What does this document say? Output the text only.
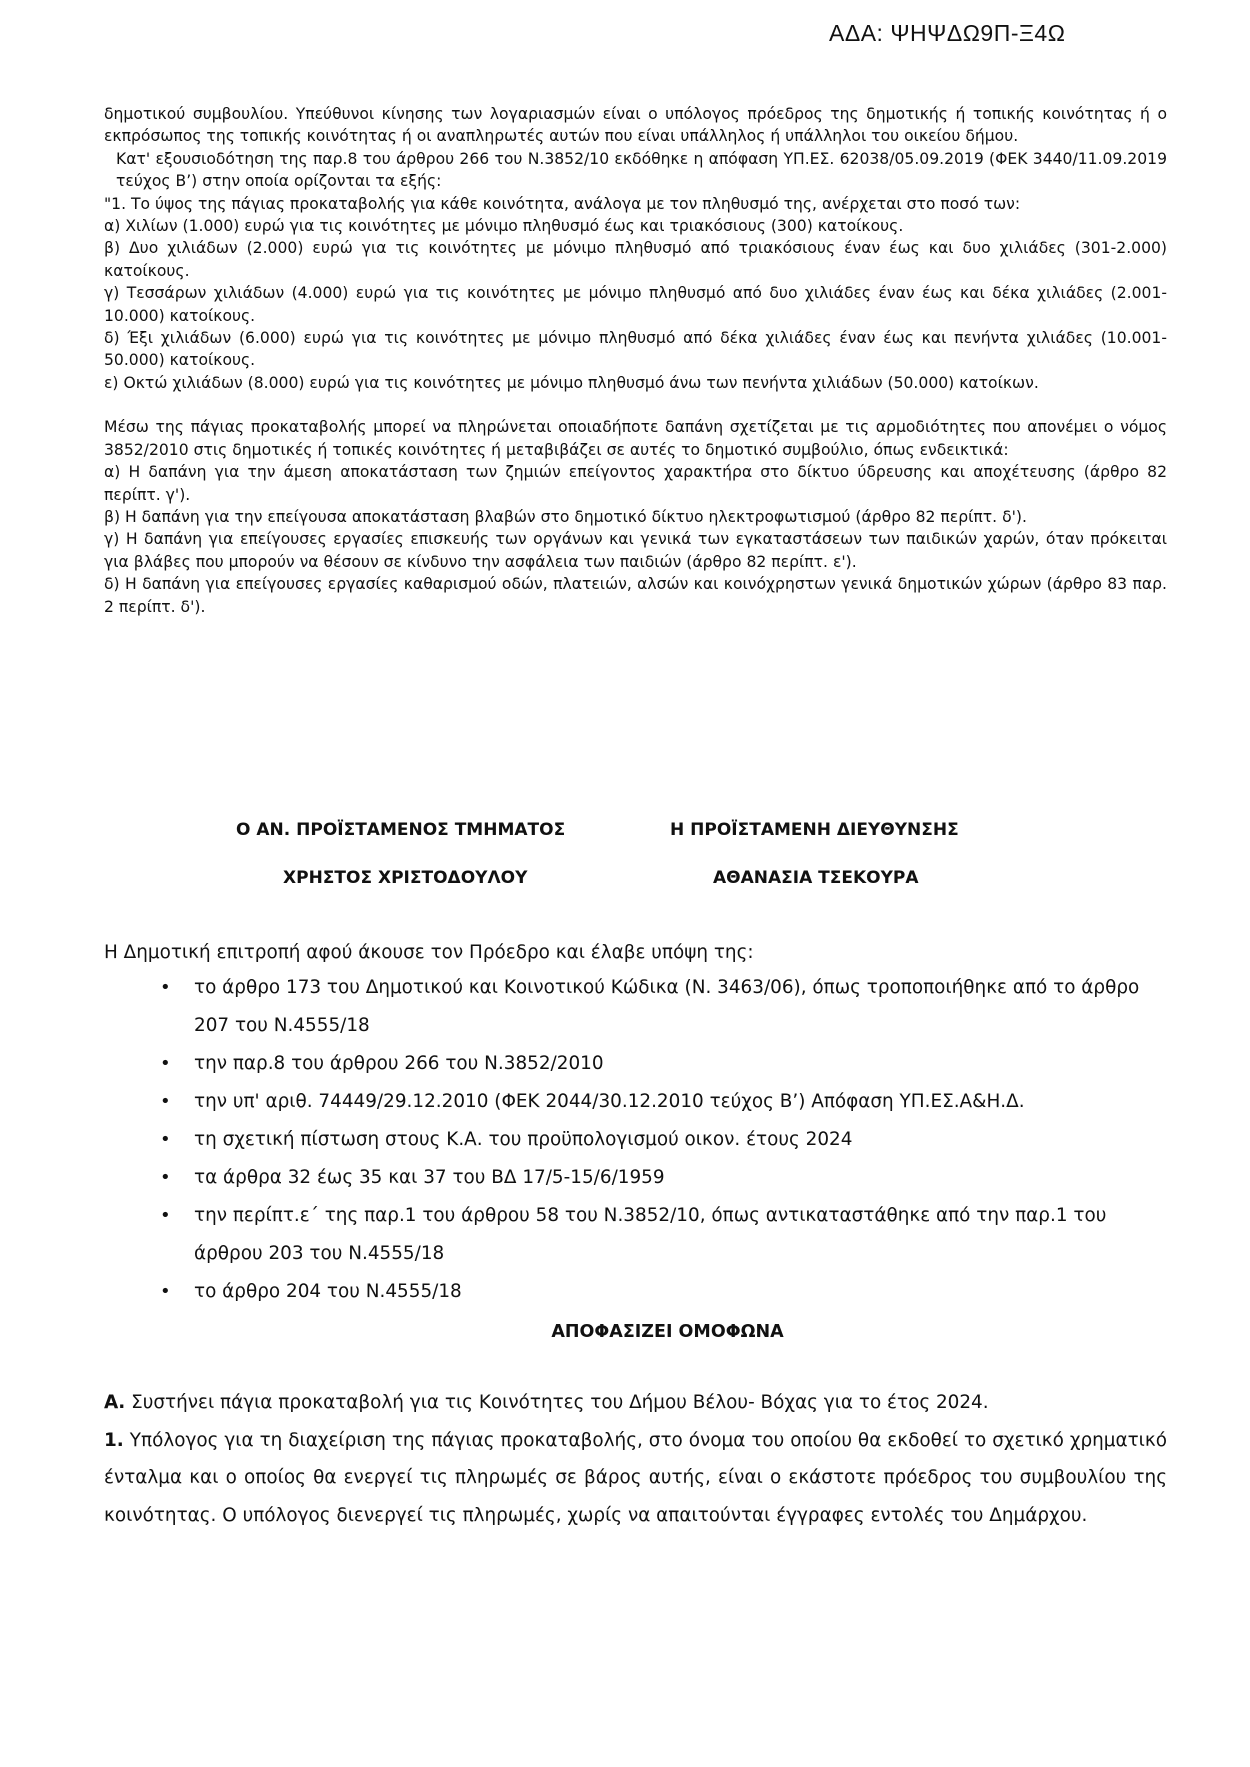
ΑΔΑ: ΨΗΨΔΩ9Π-Ξ4Ω

δημοτικού συμβουλίου. Υπεύθυνοι κίνησης των λογαριασμών είναι ο υπόλογος πρόεδρος της δημοτικής ή τοπικής κοινότητας ή ο εκπρόσωπος της τοπικής κοινότητας ή οι αναπληρωτές αυτών που είναι υπάλληλος ή υπάλληλοι του οικείου δήμου.

Κατ' εξουσιοδότηση της παρ.8 του άρθρου 266 του Ν.3852/10 εκδόθηκε η απόφαση ΥΠ.ΕΣ. 62038/05.09.2019 (ΦΕΚ 3440/11.09.2019 τεύχος Β’) στην οποία ορίζονται τα εξής:

"1. Το ύψος της πάγιας προκαταβολής για κάθε κοινότητα, ανάλογα με τον πληθυσμό της, ανέρχεται στο ποσό των:

α) Χιλίων (1.000) ευρώ για τις κοινότητες με μόνιμο πληθυσμό έως και τριακόσιους (300) κατοίκους.

β) Δυο χιλιάδων (2.000) ευρώ για τις κοινότητες με μόνιμο πληθυσμό από τριακόσιους έναν έως και δυο χιλιάδες (301-2.000) κατοίκους.

γ) Τεσσάρων χιλιάδων (4.000) ευρώ για τις κοινότητες με μόνιμο πληθυσμό από δυο χιλιάδες έναν έως και δέκα χιλιάδες (2.001-10.000) κατοίκους.

δ) Έξι χιλιάδων (6.000) ευρώ για τις κοινότητες με μόνιμο πληθυσμό από δέκα χιλιάδες έναν έως και πενήντα χιλιάδες (10.001-50.000) κατοίκους.

ε) Οκτώ χιλιάδων (8.000) ευρώ για τις κοινότητες με μόνιμο πληθυσμό άνω των πενήντα χιλιάδων (50.000) κατοίκων.

Μέσω της πάγιας προκαταβολής μπορεί να πληρώνεται οποιαδήποτε δαπάνη σχετίζεται με τις αρμοδιότητες που απονέμει ο νόμος 3852/2010 στις δημοτικές ή τοπικές κοινότητες ή μεταβιβάζει σε αυτές το δημοτικό συμβούλιο, όπως ενδεικτικά:

α) Η δαπάνη για την άμεση αποκατάσταση των ζημιών επείγοντος χαρακτήρα στο δίκτυο ύδρευσης και αποχέτευσης (άρθρο 82 περίπτ. γ').

β) Η δαπάνη για την επείγουσα αποκατάσταση βλαβών στο δημοτικό δίκτυο ηλεκτροφωτισμού (άρθρο 82 περίπτ. δ').

γ) Η δαπάνη για επείγουσες εργασίες επισκευής των οργάνων και γενικά των εγκαταστάσεων των παιδικών χαρών, όταν πρόκειται για βλάβες που μπορούν να θέσουν σε κίνδυνο την ασφάλεια των παιδιών (άρθρο 82 περίπτ. ε').

δ) Η δαπάνη για επείγουσες εργασίες καθαρισμού οδών, πλατειών, αλσών και κοινόχρηστων γενικά δημοτικών χώρων (άρθρο 83 παρ. 2 περίπτ. δ').

Ο ΑΝ. ΠΡΟΪΣΤΑΜΕΝΟΣ ΤΜΗΜΑΤΟΣ	Η ΠΡΟΪΣΤΑΜΕΝΗ ΔΙΕΥΘΥΝΣΗΣ
ΧΡΗΣΤΟΣ ΧΡΙΣΤΟΔΟΥΛΟΥ	ΑΘΑΝΑΣΙΑ ΤΣΕΚΟΥΡΑ
Η Δημοτική επιτροπή αφού άκουσε τον Πρόεδρο και έλαβε υπόψη της:
• το άρθρο 173 του Δημοτικού και Κοινοτικού Κώδικα (Ν. 3463/06), όπως τροποποιήθηκε από το άρθρο 207 του Ν.4555/18
• την παρ.8 του άρθρου 266 του Ν.3852/2010
• την υπ' αριθ. 74449/29.12.2010 (ΦΕΚ 2044/30.12.2010 τεύχος Β’) Απόφαση ΥΠ.ΕΣ.Α&Η.Δ.
• τη σχετική πίστωση στους Κ.Α. του προϋπολογισμού οικον. έτους 2024
• τα άρθρα 32 έως 35 και 37 του ΒΔ 17/5-15/6/1959
• την περίπτ.ε΄ της παρ.1 του άρθρου 58 του Ν.3852/10, όπως αντικαταστάθηκε από την παρ.1 του άρθρου 203 του Ν.4555/18
• το άρθρο 204 του Ν.4555/18
ΑΠΟΦΑΣΙΖΕΙ ΟΜΟΦΩΝΑ

Α. Συστήνει πάγια προκαταβολή για τις Κοινότητες του Δήμου Βέλου- Βόχας για το έτος 2024.

1. Υπόλογος για τη διαχείριση της πάγιας προκαταβολής, στο όνομα του οποίου θα εκδοθεί το σχετικό χρηματικό ένταλμα και ο οποίος θα ενεργεί τις πληρωμές σε βάρος αυτής, είναι ο εκάστοτε πρόεδρος του συμβουλίου της κοινότητας. Ο υπόλογος διενεργεί τις πληρωμές, χωρίς να απαιτούνται έγγραφες εντολές του Δημάρχου.
